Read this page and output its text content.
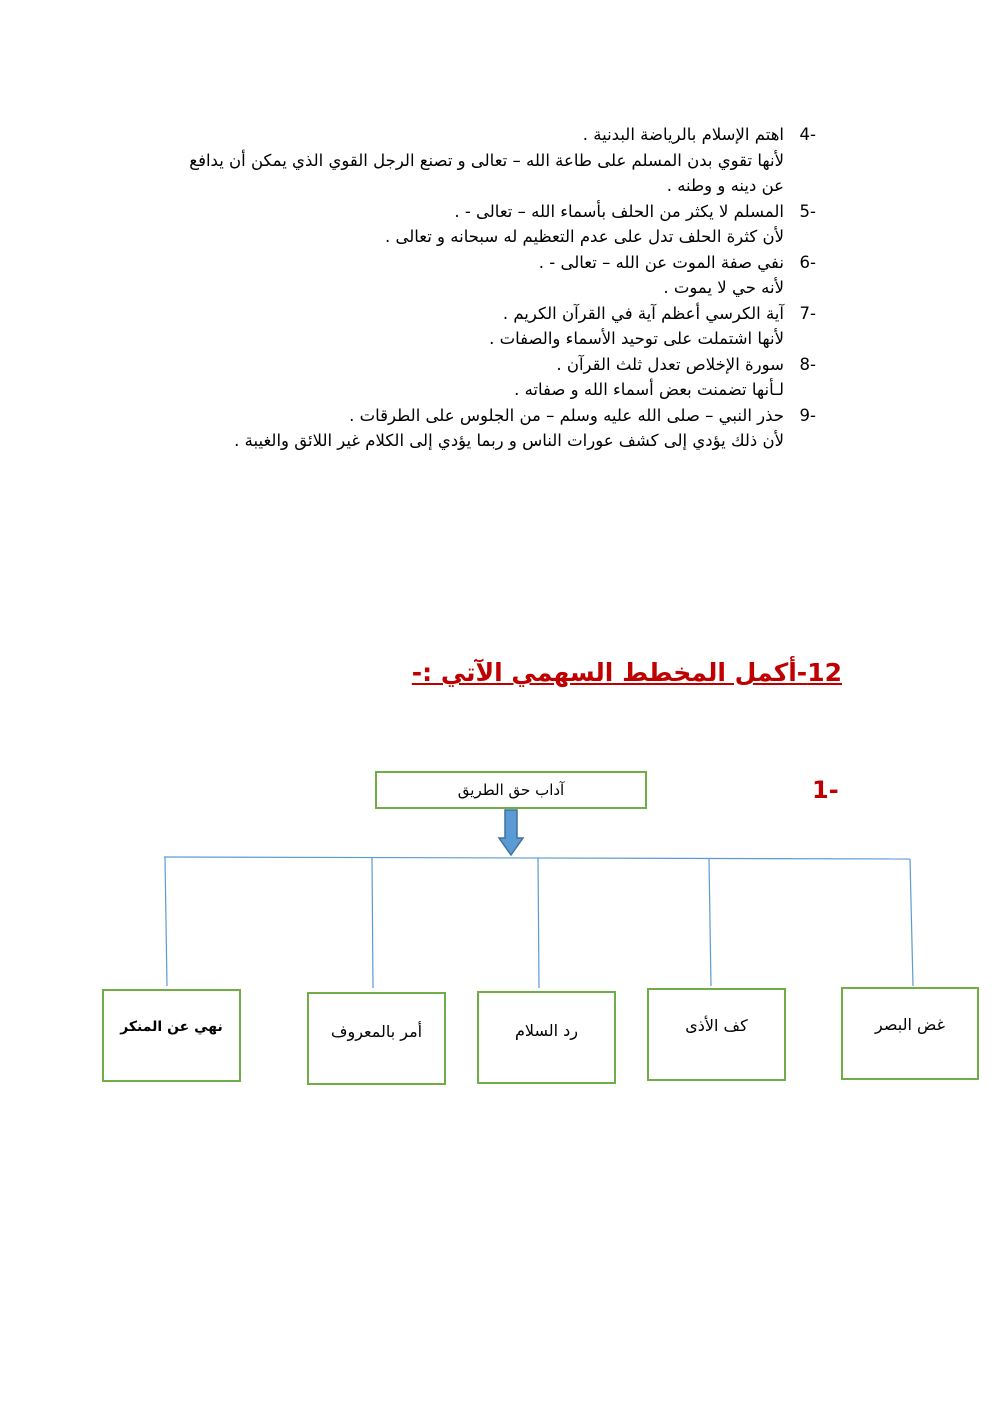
4-
اهتم الإسلام بالرياضة البدنية .
لأنها تقوي بدن المسلم على طاعة الله – تعالى و تصنع الرجل القوي الذي يمكن أن يدافع
عن دينه و وطنه .
5-
المسلم لا يكثر من الحلف بأسماء الله – تعالى - .
لأن كثرة الحلف تدل على عدم التعظيم له سبحانه و تعالى .
6-
نفي صفة الموت عن الله – تعالى - .
لأنه حي لا يموت .
7-
آية الكرسي أعظم آية في القرآن الكريم .
لأنها اشتملت على توحيد الأسماء والصفات .
8-
سورة الإخلاص تعدل ثلث القرآن .
لـأنها تضمنت بعض أسماء الله و صفاته .
9-
حذر النبي – صلى الله عليه وسلم – من الجلوس على الطرقات .
لأن ذلك يؤدي إلى كشف عورات الناس و ربما يؤدي إلى الكلام غير اللائق والغيبة .
12-أكمل المخطط السهمي الآتي :-
1-
آداب حق الطريق
غض البصر
كف الأذى
رد السلام
أمر بالمعروف
نهي عن المنكر
